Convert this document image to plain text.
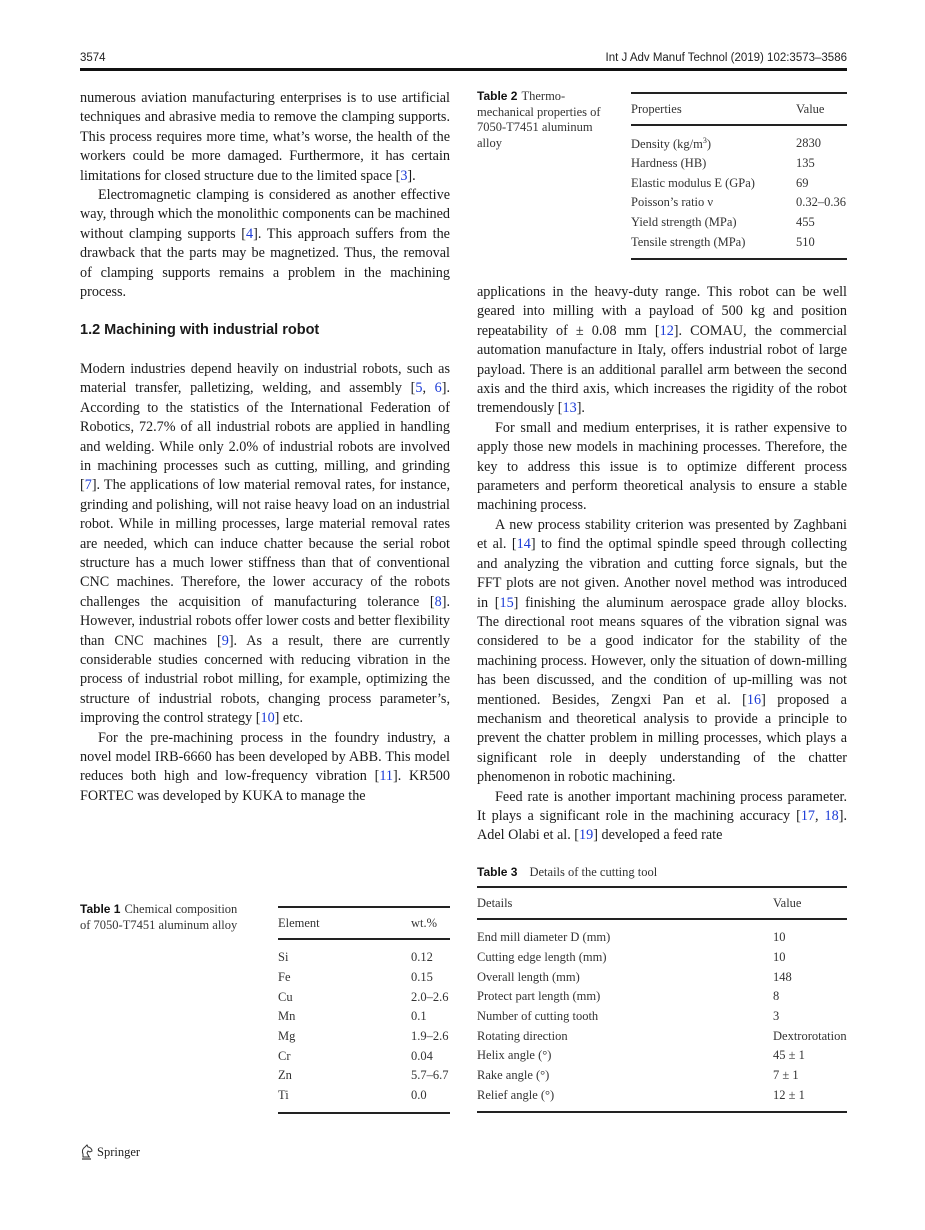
3574	Int J Adv Manuf Technol (2019) 102:3573–3586

numerous aviation manufacturing enterprises is to use artificial techniques and abrasive media to remove the clamping supports. This process requires more time, what’s worse, the health of the workers could be more damaged. Furthermore, it has certain limitations for closed structure due to the limited space [3].

Electromagnetic clamping is considered as another effective way, through which the monolithic components can be machined without clamping supports [4]. This approach suffers from the drawback that the parts may be magnetized. Thus, the removal of clamping supports remains a problem in the machining process.

1.2 Machining with industrial robot

Modern industries depend heavily on industrial robots, such as material transfer, palletizing, welding, and assembly [5, 6]. According to the statistics of the International Federation of Robotics, 72.7% of all industrial robots are applied in handling and welding. While only 2.0% of industrial robots are involved in machining processes such as cutting, milling, and grinding [7]. The applications of low material removal rates, for instance, grinding and polishing, will not raise heavy load on an industrial robot. While in milling processes, large material removal rates are needed, which can induce chatter because the serial robot structure has a much lower stiffness than that of conventional CNC machines. Therefore, the lower accuracy of the robots challenges the acquisition of manufacturing tolerance [8]. However, industrial robots offer lower costs and better flexibility than CNC machines [9]. As a result, there are currently considerable studies concerned with reducing vibration in the process of industrial robot milling, for example, optimizing the structure of industrial robots, changing process parameter’s, improving the control strategy [10] etc.

For the pre-machining process in the foundry industry, a novel model IRB-6660 has been developed by ABB. This model reduces both high and low-frequency vibration [11]. KR500 FORTEC was developed by KUKA to manage the

Table 2 Thermo-mechanical properties of 7050-T7451 aluminum alloy
Properties	Value
Density $(kg/m^3)$	2830
Hardness (HB)	135
Elastic modulus E (GPa)	69
Poisson’s ratio ν	0.32–0.36
Yield strength (MPa)	455
Tensile strength (MPa)	510

applications in the heavy-duty range. This robot can be well geared into milling with a payload of 500 kg and position repeatability of ± 0.08 mm [12]. COMAU, the commercial automation manufacture in Italy, offers industrial robot of large payload. There is an additional parallel arm between the second axis and the third axis, which increases the rigidity of the robot tremendously [13].

For small and medium enterprises, it is rather expensive to apply those new models in machining processes. Therefore, the key to address this issue is to optimize different process parameters and perform theoretical analysis to ensure a stable machining process.

A new process stability criterion was presented by Zaghbani et al. [14] to find the optimal spindle speed through collecting and analyzing the vibration and cutting force signals, but the FFT plots are not given. Another novel method was introduced in [15] finishing the aluminum aerospace grade alloy blocks. The directional root means squares of the vibration signal was considered to be a good indicator for the stability of the machining process. However, only the situation of down-milling has been discussed, and the condition of up-milling was not mentioned. Besides, Zengxi Pan et al. [16] proposed a mechanism and theoretical analysis to provide a principle to prevent the chatter problem in milling processes, which plays a significant role in deeply understanding of the chatter phenomenon in robotic machining.

Feed rate is another important machining process parameter. It plays a significant role in the machining accuracy [17, 18]. Adel Olabi et al. [19] developed a feed rate

Table 1 Chemical composition of 7050-T7451 aluminum alloy	Element	wt.%
Si	0.12
Fe	0.15
Cu	2.0–2.6
Mn	0.1
Mg	1.9–2.6
Cr	0.04
Zn	5.7–6.7
Ti	0.0
Table 3 Details of the cutting tool
Details	Value
End mill diameter D (mm)	10
Cutting edge length (mm)	10
Overall length (mm)	148
Protect part length (mm)	8
Number of cutting tooth	3
Rotating direction	Dextrorotation
Helix angle (°)	45 ± 1
Rake angle (°)	7 ± 1
Relief angle (°)	12 ± 1
Springer
